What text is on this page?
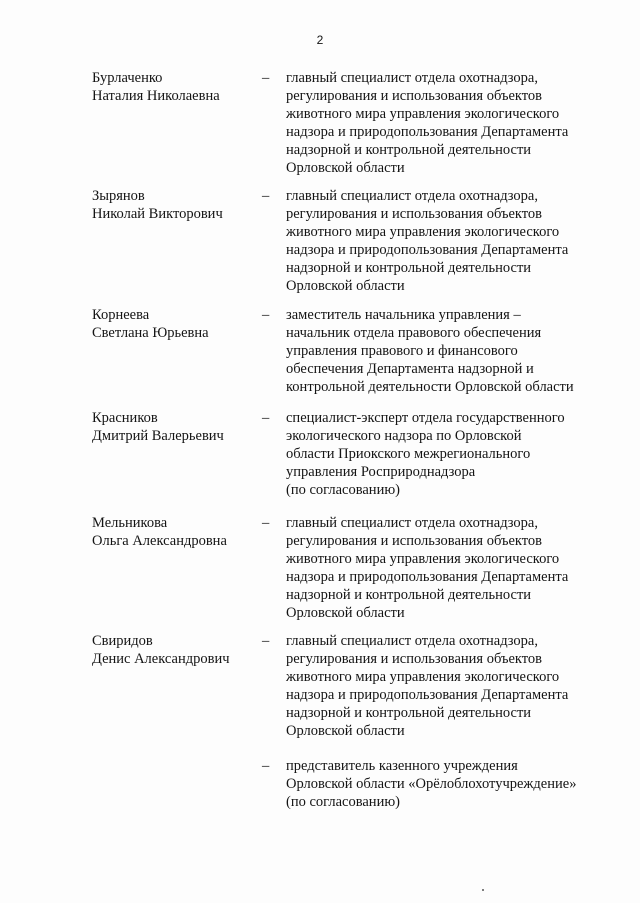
2
Бурлаченко
Наталия Николаевна
– главный специалист отдела охотнадзора,
регулирования и использования объектов
животного мира управления экологического
надзора и природопользования Департамента
надзорной и контрольной деятельности
Орловской области
Зырянов
Николай Викторович
– главный специалист отдела охотнадзора,
регулирования и использования объектов
животного мира управления экологического
надзора и природопользования Департамента
надзорной и контрольной деятельности
Орловской области
Корнеева
Светлана Юрьевна
– заместитель начальника управления –
начальник отдела правового обеспечения
управления правового и финансового
обеспечения Департамента надзорной и
контрольной деятельности Орловской области
Красников
Дмитрий Валерьевич
– специалист-эксперт отдела государственного
экологического надзора по Орловской
области Приокского межрегионального
управления Росприроднадзора
(по согласованию)
Мельникова
Ольга Александровна
– главный специалист отдела охотнадзора,
регулирования и использования объектов
животного мира управления экологического
надзора и природопользования Департамента
надзорной и контрольной деятельности
Орловской области
Свиридов
Денис Александрович
– главный специалист отдела охотнадзора,
регулирования и использования объектов
животного мира управления экологического
надзора и природопользования Департамента
надзорной и контрольной деятельности
Орловской области
– представитель казенного учреждения
Орловской области «Орёлоблохотучреждение»
(по согласованию)
